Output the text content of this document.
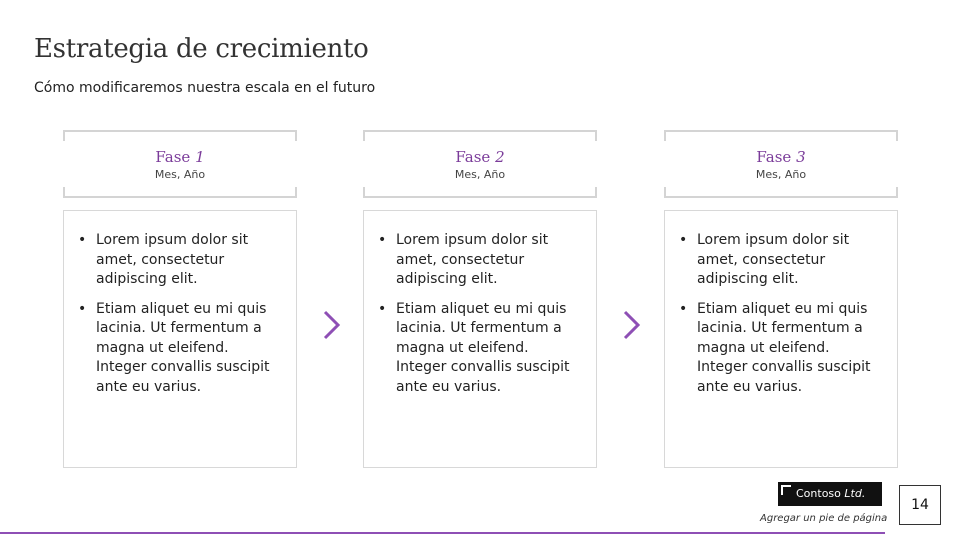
Estrategia de crecimiento
Cómo modificaremos nuestra escala en el futuro
Fase 1
Mes, Año
• Lorem ipsum dolor sit amet, consectetur adipiscing elit.
• Etiam aliquet eu mi quis lacinia. Ut fermentum a magna ut eleifend. Integer convallis suscipit ante eu varius.
Fase 2
Mes, Año
• Lorem ipsum dolor sit amet, consectetur adipiscing elit.
• Etiam aliquet eu mi quis lacinia. Ut fermentum a magna ut eleifend. Integer convallis suscipit ante eu varius.
Fase 3
Mes, Año
• Lorem ipsum dolor sit amet, consectetur adipiscing elit.
• Etiam aliquet eu mi quis lacinia. Ut fermentum a magna ut eleifend. Integer convallis suscipit ante eu varius.
Contoso Ltd.
Agregar un pie de página
14
